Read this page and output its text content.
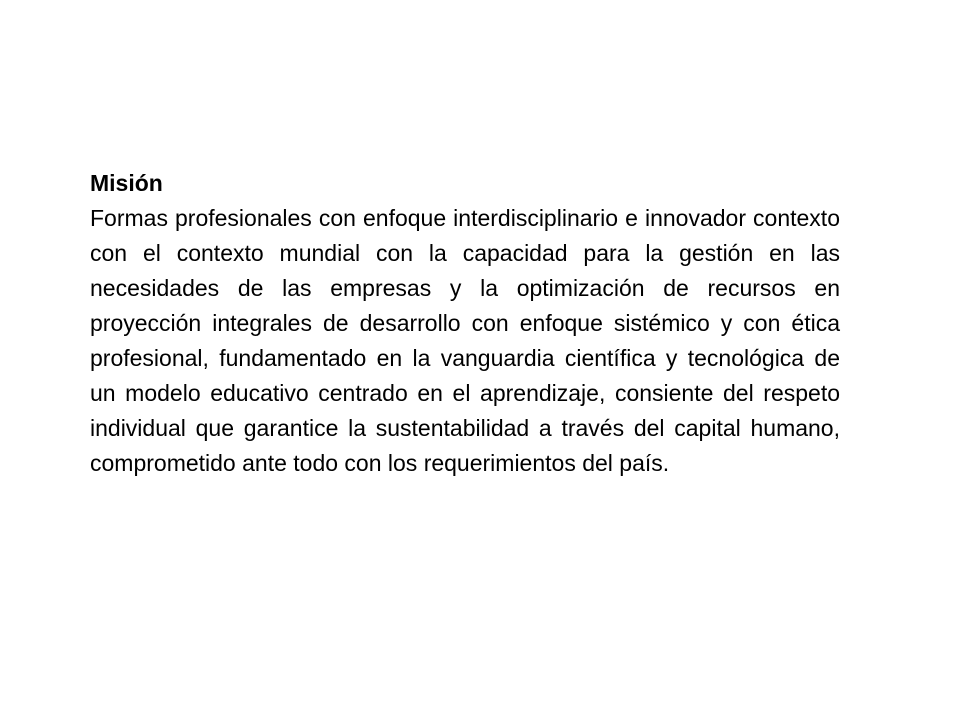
Misión

Formas profesionales con enfoque interdisciplinario e innovador contexto con el contexto mundial con la capacidad para la gestión en las necesidades de las empresas y la optimización de recursos en proyección integrales de desarrollo con enfoque sistémico y con ética profesional, fundamentado en la vanguardia científica y tecnológica de un modelo educativo centrado en el aprendizaje, consiente del respeto individual que garantice la sustentabilidad a través del capital humano, comprometido ante todo con los requerimientos del país.
